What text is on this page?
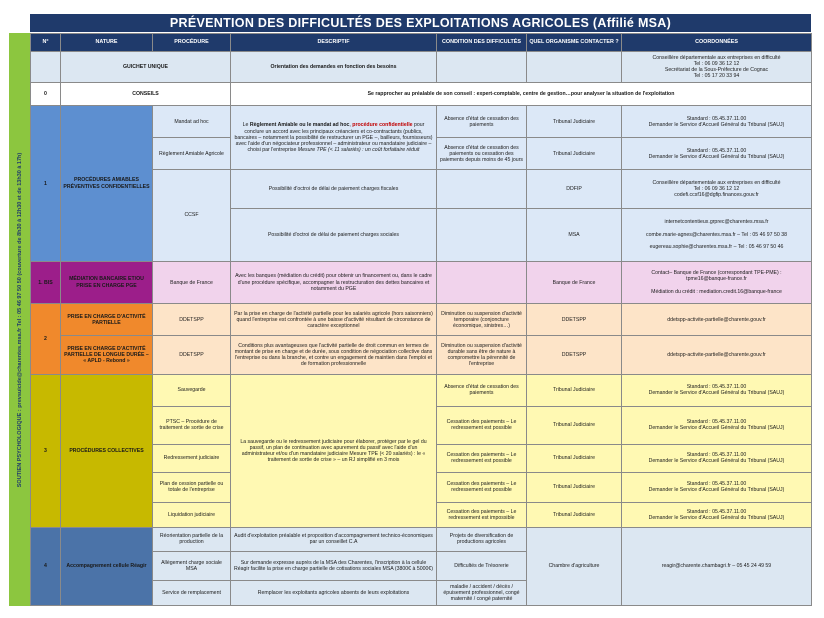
PRÉVENTION DES DIFFICULTÉS DES EXPLOITATIONS AGRICOLES (Affilié MSA)
SOUTIEN PSYCHOLOGIQUE : prevsuicide@charentes.msa.fr Tel : 05 46 97 50 50 (couverture de 8h30 à 12h30 et de 13h30 à 17h)
N°	NATURE	PROCÉDURE	DESCRIPTIF	CONDITION DES DIFFICULTÉS	QUEL ORGANISME CONTACTER ?	COORDONNÉES
	GUICHET UNIQUE		Orientation des demandes en fonction des besoins			Conseillère départementale aux entreprises en difficulté
Tel : 06 09 36 12 12
Secrétariat de la Sous-Préfecture de Cognac
Tel : 05 17 20 33 94
0	CONSEILS		Se rapprocher au préalable de son conseil : expert-comptable, centre de gestion…pour analyser la situation de l'exploitation			
1	PROCÉDURES AMIABLES PRÉVENTIVES CONFIDENTIELLES	Mandat ad hoc	Le Règlement Amiable ou le mandat ad hoc, procédure confidentielle pour conclure un accord avec les principaux créanciers et co-contractants (publics, bancaires – notamment la possibilité de restructurer un PGE –, bailleurs, fournisseurs) avec l'aide d'un négociateur professionnel – administrateur ou mandataire judiciaire – choisi par l'entreprise Mesure TPE (< 11 salariés) : un coût forfaitaire réduit	Absence d'état de cessation des paiements	Tribunal Judiciaire	Standard : 05.45.37.11.00
Demander le Service d'Accueil Général du Tribunal (SAUJ)
		Règlement Amiable Agricole		Absence d'état de cessation des paiements ou cessation des paiements depuis moins de 45 jours	Tribunal Judiciaire	Standard : 05.45.37.11.00
Demander le Service d'Accueil Général du Tribunal (SAUJ)
		CCSF	Possibilité d'octroi de délai de paiement charges fiscales		DDFIP	Conseillère départementale aux entreprises en difficulté
Tel : 06 09 36 12 12
codefi.ccsf16@dgfip.finances.gouv.fr
			Possibilité d'octroi de délai de paiement charges sociales		MSA	internetcontentieux.grprec@charentes.msa.fr

combe.marie-agnes@charentes.msa.fr – Tel : 05 46 97 50 38

eugereau.sophie@charentes.msa.fr – Tel : 05 46 97 50 46
1. BIS	MÉDIATION BANCAIRE ET/OU PRISE EN CHARGE PGE	Banque de France	Avec les banques (médiation du crédit) pour obtenir un financement ou, dans le cadre d'une procédure spécifique, accompagner la restructuration des dettes bancaires et notamment du PGE		Banque de France	Contact– Banque de France (correspondant TPE-PME) :
tpme16@banque-france.fr

Médiation du crédit : mediation.credit.16@banque-france
2	PRISE EN CHARGE D'ACTIVITÉ PARTIELLE	DDETSPP	Par la prise en charge de l'activité partielle pour les salariés agricole (hors saisonniers) quand l'entreprise est confrontée à une baisse d'activité résultant de circonstance de caractère exceptionnel	Diminution ou suspension d'activité temporaire (conjoncture économique, sinistres…)	DDETSPP	ddetspp-activite-partielle@charente.gouv.fr
	PRISE EN CHARGE D'ACTIVITÉ PARTIELLE DE LONGUE DURÉE – « APLD - Rebond »	DDETSPP	Conditions plus avantageuses que l'activité partielle de droit commun en termes de montant de prise en charge et de durée, sous condition de négociation collective dans l'entreprise ou dans la branche, et contre un engagement de maintien dans l'emploi et de formation professionnelle	Diminution ou suspension d'activité durable sans être de nature à compromettre la pérennité de l'entreprise	DDETSPP	ddetspp-activite-partielle@charente.gouv.fr
3	PROCÉDURES COLLECTIVES	Sauvegarde	La sauvegarde ou le redressement judiciaire pour élaborer, protéger par le gel du passif, un plan de continuation avec apurement du passif avec l'aide d'un administrateur et/ou d'un mandataire judiciaire Mesure TPE (< 20 salariés) : le « traitement de sortie de crise » – un RJ simplifié en 3 mois	Absence d'état de cessation des paiements	Tribunal Judiciaire	Standard : 05.45.37.11.00
Demander le Service d'Accueil Général du Tribunal (SAUJ)
		PTSC – Procédure de traitement de sortie de crise		Cessation des paiements – Le redressement est possible	Tribunal Judiciaire	Standard : 05.45.37.11.00
Demander le Service d'Accueil Général du Tribunal (SAUJ)
		Redressement judiciaire		Cessation des paiements – Le redressement est possible	Tribunal Judiciaire	Standard : 05.45.37.11.00
Demander le Service d'Accueil Général du Tribunal (SAUJ)
		Plan de cession partielle ou totale de l'entreprise		Cessation des paiements – Le redressement est possible	Tribunal Judiciaire	Standard : 05.45.37.11.00
Demander le Service d'Accueil Général du Tribunal (SAUJ)
		Liquidation judiciaire		Cessation des paiements – Le redressement est impossible	Tribunal Judiciaire	Standard : 05.45.37.11.00
Demander le Service d'Accueil Général du Tribunal (SAUJ)
4	Accompagnement cellule Réagir	Réorientation partielle de la production	Audit d'exploitation préalable et proposition d'accompagnement technico-économiques par un conseillet C.A	Projets de diversification de productions agricoles	Chambre d'agriculture	reagir@charente.chambagri.fr – 05 45 24 49 59
		Allègement charge sociale MSA	Sur demande expresse auprès de la MSA des Charentes, l'inscription à la cellule Réagir facilite la prise en charge partielle de cotisations sociales MSA (3800€ à 5000€)	Difficultés de Trésorerie		
		Service de remplacement	Remplacer les exploitants agricoles absents de leurs exploitations	maladie / accident / décès / épuisement professionnel, congé maternité / congé paternité		
